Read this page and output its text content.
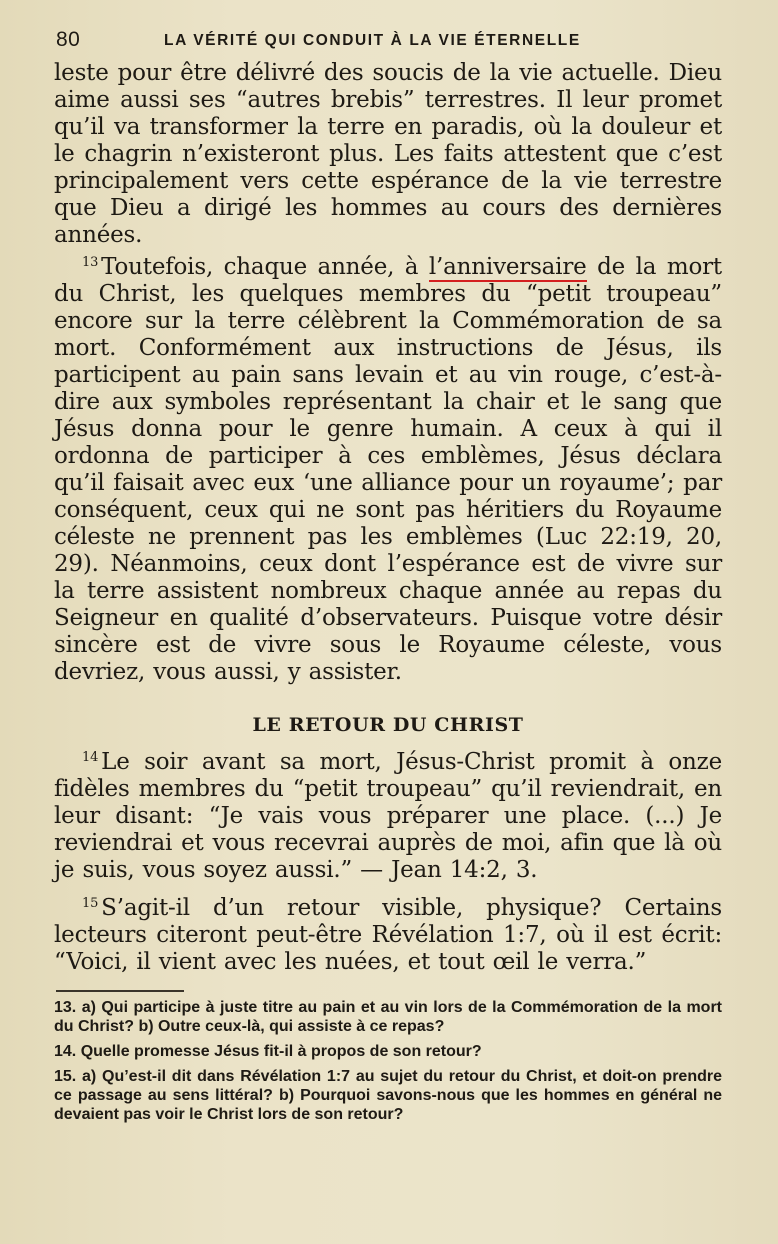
80	LA VÉRITÉ QUI CONDUIT À LA VIE ÉTERNELLE

leste pour être délivré des soucis de la vie actuelle. Dieu aime aussi ses “autres brebis” terrestres. Il leur promet qu’il va transformer la terre en paradis, où la douleur et le chagrin n’existeront plus. Les faits attestent que c’est principalement vers cette espérance de la vie terrestre que Dieu a dirigé les hommes au cours des dernières années.

$^{13}$ Toutefois, chaque année, à l’anniversaire de la mort du Christ, les quelques membres du “petit troupeau” encore sur la terre célèbrent la Commémoration de sa mort. Conformément aux instructions de Jésus, ils participent au pain sans levain et au vin rouge, c’est-à-dire aux symboles représentant la chair et le sang que Jésus donna pour le genre humain. A ceux à qui il ordonna de participer à ces emblèmes, Jésus déclara qu’il faisait avec eux ‘une alliance pour un royaume’; par conséquent, ceux qui ne sont pas héritiers du Royaume céleste ne prennent pas les emblèmes (Luc 22:19, 20, 29). Néanmoins, ceux dont l’espérance est de vivre sur la terre assistent nombreux chaque année au repas du Seigneur en qualité d’observateurs. Puisque votre désir sincère est de vivre sous le Royaume céleste, vous devriez, vous aussi, y assister.

LE RETOUR DU CHRIST

$^{14}$ Le soir avant sa mort, Jésus-Christ promit à onze fidèles membres du “petit troupeau” qu’il reviendrait, en leur disant: “Je vais vous préparer une place. (...) Je reviendrai et vous recevrai auprès de moi, afin que là où je suis, vous soyez aussi.” — Jean 14:2, 3.

$^{15}$ S’agit-il d’un retour visible, physique? Certains lecteurs citeront peut-être Révélation 1:7, où il est écrit: “Voici, il vient avec les nuées, et tout œil le verra.”

13. a) Qui participe à juste titre au pain et au vin lors de la Commémoration de la mort du Christ? b) Outre ceux-là, qui assiste à ce repas?

14. Quelle promesse Jésus fit-il à propos de son retour?

15. a) Qu’est-il dit dans Révélation 1:7 au sujet du retour du Christ, et doit-on prendre ce passage au sens littéral? b) Pourquoi savons-nous que les hommes en général ne devaient pas voir le Christ lors de son retour?
